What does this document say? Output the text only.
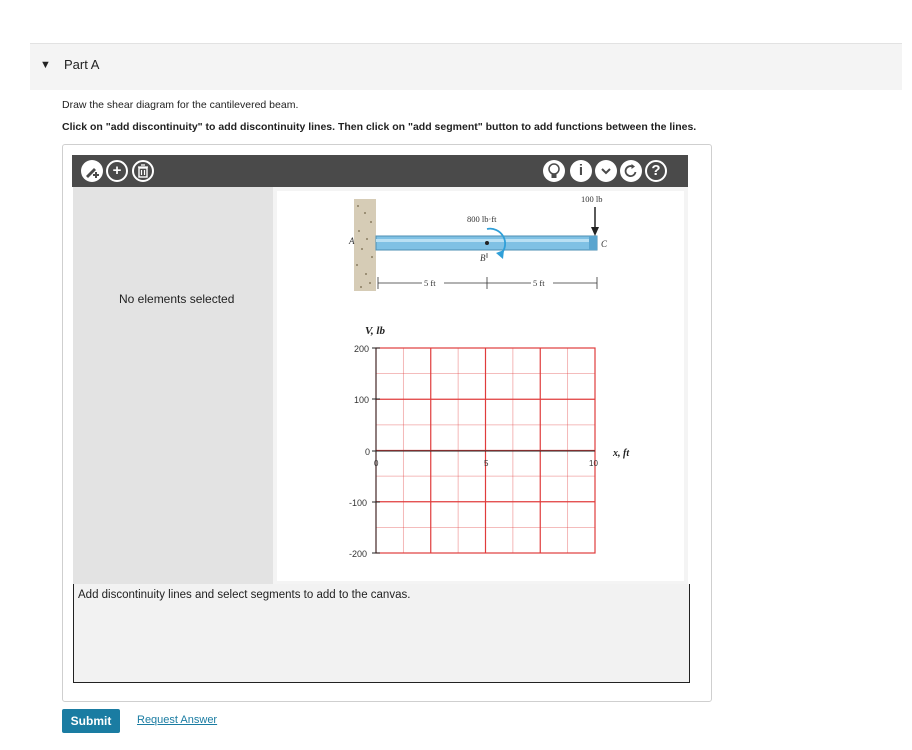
▼ Part A
Draw the shear diagram for the cantilevered beam.
Click on "add discontinuity" to add discontinuity lines. Then click on "add segment" button to add functions between the lines.
+	i	?
No elements selected
A	C
100 lb
800 lb·ft
B
5 ft	5 ft
V, lb
x, ft
200
100
0
-100
-200
0	5	10
Add discontinuity lines and select segments to add to the canvas.
Submit	Request Answer
